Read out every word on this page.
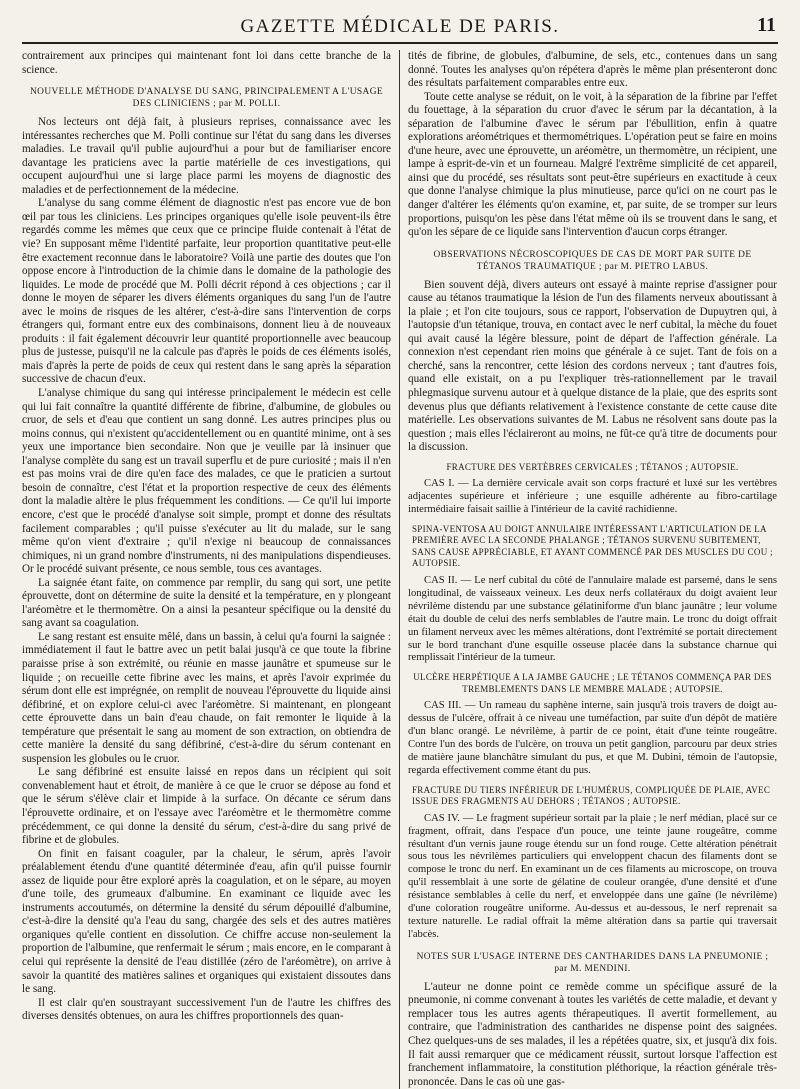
GAZETTE MÉDICALE DE PARIS.	11

contrairement aux principes qui maintenant font loi dans cette branche de la science.

NOUVELLE MÉTHODE D'ANALYSE DU SANG, PRINCIPALEMENT A L'USAGE DES CLINICIENS ; par M. POLLI.

Nos lecteurs ont déjà fait, à plusieurs reprises, connaissance avec les intéressantes recherches que M. Polli continue sur l'état du sang dans les diverses maladies. Le travail qu'il publie aujourd'hui a pour but de familiariser encore davantage les praticiens avec la partie matérielle de ces investigations, qui occupent aujourd'hui une si large place parmi les moyens de diagnostic des maladies et de perfectionnement de la médecine.

L'analyse du sang comme élément de diagnostic n'est pas encore vue de bon œil par tous les cliniciens. Les principes organiques qu'elle isole peuvent-ils être regardés comme les mêmes que ceux que ce principe fluide contenait à l'état de vie? En supposant même l'identité parfaite, leur proportion quantitative peut-elle être exactement reconnue dans le laboratoire? Voilà une partie des doutes que l'on oppose encore à l'introduction de la chimie dans le domaine de la pathologie des liquides. Le mode de procédé que M. Polli décrit répond à ces objections ; car il donne le moyen de séparer les divers éléments organiques du sang l'un de l'autre avec le moins de risques de les altérer, c'est-à-dire sans l'intervention de corps étrangers qui, formant entre eux des combinaisons, donnent lieu à de nouveaux produits : il fait également découvrir leur quantité proportionnelle avec beaucoup plus de justesse, puisqu'il ne la calcule pas d'après le poids de ces éléments isolés, mais d'après la perte de poids de ceux qui restent dans le sang après la séparation successive de chacun d'eux.

L'analyse chimique du sang qui intéresse principalement le médecin est celle qui lui fait connaître la quantité différente de fibrine, d'albumine, de globules ou cruor, de sels et d'eau que contient un sang donné. Les autres principes plus ou moins connus, qui n'existent qu'accidentellement ou en quantité minime, ont à ses yeux une importance bien secondaire. Non que je veuille par là insinuer que l'analyse complète du sang est un travail superflu et de pure curiosité ; mais il n'en est pas moins vrai de dire qu'en face des malades, ce que le praticien a surtout besoin de connaître, c'est l'état et la proportion respective de ceux des éléments dont la maladie altère le plus fréquemment les conditions. — Ce qu'il lui importe encore, c'est que le procédé d'analyse soit simple, prompt et donne des résultats facilement comparables ; qu'il puisse s'exécuter au lit du malade, sur le sang même qu'on vient d'extraire ; qu'il n'exige ni beaucoup de connaissances chimiques, ni un grand nombre d'instruments, ni des manipulations dispendieuses. Or le procédé suivant présente, ce nous semble, tous ces avantages.

La saignée étant faite, on commence par remplir, du sang qui sort, une petite éprouvette, dont on détermine de suite la densité et la température, en y plongeant l'aréomètre et le thermomètre. On a ainsi la pesanteur spécifique ou la densité du sang avant sa coagulation.

Le sang restant est ensuite mêlé, dans un bassin, à celui qu'a fourni la saignée : immédiatement il faut le battre avec un petit balai jusqu'à ce que toute la fibrine paraisse prise à son extrémité, ou réunie en masse jaunâtre et spumeuse sur le liquide ; on recueille cette fibrine avec les mains, et après l'avoir exprimée du sérum dont elle est imprégnée, on remplit de nouveau l'éprouvette du liquide ainsi défibriné, et on explore celui-ci avec l'aréomètre. Si maintenant, en plongeant cette éprouvette dans un bain d'eau chaude, on fait remonter le liquide à la température que présentait le sang au moment de son extraction, on obtiendra de cette manière la densité du sang défibriné, c'est-à-dire du sérum contenant en suspension les globules ou le cruor.

Le sang défibriné est ensuite laissé en repos dans un récipient qui soit convenablement haut et étroit, de manière à ce que le cruor se dépose au fond et que le sérum s'élève clair et limpide à la surface. On décante ce sérum dans l'éprouvette ordinaire, et on l'essaye avec l'aréomètre et le thermomètre comme précédemment, ce qui donne la densité du sérum, c'est-à-dire du sang privé de fibrine et de globules.

On finit en faisant coaguler, par la chaleur, le sérum, après l'avoir préalablement étendu d'une quantité déterminée d'eau, afin qu'il puisse fournir assez de liquide pour être exploré après la coagulation, et on le sépare, au moyen d'une toile, des grumeaux d'albumine. En examinant ce liquide avec les instruments accoutumés, on détermine la densité du sérum dépouillé d'albumine, c'est-à-dire la densité qu'a l'eau du sang, chargée des sels et des autres matières organiques qu'elle contient en dissolution. Ce chiffre accuse non-seulement la proportion de l'albumine, que renfermait le sérum ; mais encore, en le comparant à celui qui représente la densité de l'eau distillée (zéro de l'aréomètre), on arrive à savoir la quantité des matières salines et organiques qui existaient dissoutes dans le sang.

Il est clair qu'en soustrayant successivement l'un de l'autre les chiffres des diverses densités obtenues, on aura les chiffres proportionnels des quan-

tités de fibrine, de globules, d'albumine, de sels, etc., contenues dans un sang donné. Toutes les analyses qu'on répétera d'après le même plan présenteront donc des résultats parfaitement comparables entre eux.

Toute cette analyse se réduit, on le voit, à la séparation de la fibrine par l'effet du fouettage, à la séparation du cruor d'avec le sérum par la décantation, à la séparation de l'albumine d'avec le sérum par l'ébullition, enfin à quatre explorations aréométriques et thermométriques. L'opération peut se faire en moins d'une heure, avec une éprouvette, un aréomètre, un thermomètre, un récipient, une lampe à esprit-de-vin et un fourneau. Malgré l'extrême simplicité de cet appareil, ainsi que du procédé, ses résultats sont peut-être supérieurs en exactitude à ceux que donne l'analyse chimique la plus minutieuse, parce qu'ici on ne court pas le danger d'altérer les éléments qu'on examine, et, par suite, de se tromper sur leurs proportions, puisqu'on les pèse dans l'état même où ils se trouvent dans le sang, et qu'on les sépare de ce liquide sans l'intervention d'aucun corps étranger.

OBSERVATIONS NÉCROSCOPIQUES DE CAS DE MORT PAR SUITE DE TÉTANOS TRAUMATIQUE ; par M. PIETRO LABUS.

Bien souvent déjà, divers auteurs ont essayé à mainte reprise d'assigner pour cause au tétanos traumatique la lésion de l'un des filaments nerveux aboutissant à la plaie ; et l'on cite toujours, sous ce rapport, l'observation de Dupuytren qui, à l'autopsie d'un tétanique, trouva, en contact avec le nerf cubital, la mèche du fouet qui avait causé la légère blessure, point de départ de l'affection générale. La connexion n'est cependant rien moins que générale à ce sujet. Tant de fois on a cherché, sans la rencontrer, cette lésion des cordons nerveux ; tant d'autres fois, quand elle existait, on a pu l'expliquer très-rationnellement par le travail phlegmasique survenu autour et à quelque distance de la plaie, que des esprits sont devenus plus que défiants relativement à l'existence constante de cette cause dite matérielle. Les observations suivantes de M. Labus ne résolvent sans doute pas la question ; mais elles l'éclaireront au moins, ne fût-ce qu'à titre de documents pour la discussion.

FRACTURE DES VERTÈBRES CERVICALES ; TÉTANOS ; AUTOPSIE.

CAS I. — La dernière cervicale avait son corps fracturé et luxé sur les vertèbres adjacentes supérieure et inférieure ; une esquille adhérente au fibro-cartilage intermédiaire faisait saillie à l'intérieur de la cavité rachidienne.

SPINA-VENTOSA AU DOIGT ANNULAIRE INTÉRESSANT L'ARTICULATION DE LA PREMIÈRE AVEC LA SECONDE PHALANGE ; TÉTANOS SURVENU SUBITEMENT, SANS CAUSE APPRÉCIABLE, ET AYANT COMMENCÉ PAR DES MUSCLES DU COU ; AUTOPSIE.

CAS II. — Le nerf cubital du côté de l'annulaire malade est parsemé, dans le sens longitudinal, de vaisseaux veineux. Les deux nerfs collatéraux du doigt avaient leur névrilème distendu par une substance gélatiniforme d'un blanc jaunâtre ; leur volume était du double de celui des nerfs semblables de l'autre main. Le tronc du doigt offrait un filament nerveux avec les mêmes altérations, dont l'extrémité se portait directement sur le bord tranchant d'une esquille osseuse placée dans la substance charnue qui remplissait l'intérieur de la tumeur.

ULCÈRE HERPÉTIQUE A LA JAMBE GAUCHE ; LE TÉTANOS COMMENÇA PAR DES TREMBLEMENTS DANS LE MEMBRE MALADE ; AUTOPSIE.

CAS III. — Un rameau du saphène interne, sain jusqu'à trois travers de doigt au-dessus de l'ulcère, offrait à ce niveau une tuméfaction, par suite d'un dépôt de matière d'un blanc orangé. Le névrilème, à partir de ce point, était d'une teinte rougeâtre. Contre l'un des bords de l'ulcère, on trouva un petit ganglion, parcouru par deux stries de matière jaune blanchâtre simulant du pus, et que M. Dubini, témoin de l'autopsie, regarda effectivement comme étant du pus.

FRACTURE DU TIERS INFÉRIEUR DE L'HUMÉRUS, COMPLIQUÉE DE PLAIE, AVEC ISSUE DES FRAGMENTS AU DEHORS ; TÉTANOS ; AUTOPSIE.

CAS IV. — Le fragment supérieur sortait par la plaie ; le nerf médian, placé sur ce fragment, offrait, dans l'espace d'un pouce, une teinte jaune rougeâtre, comme résultant d'un vernis jaune rouge étendu sur un fond rouge. Cette altération pénétrait sous tous les névrilèmes particuliers qui enveloppent chacun des filaments dont se compose le tronc du nerf. En examinant un de ces filaments au microscope, on trouva qu'il ressemblait à une sorte de gélatine de couleur orangée, d'une densité et d'une résistance semblables à celle du nerf, et enveloppée dans une gaîne (le névrilème) d'une coloration rougeâtre uniforme. Au-dessus et au-dessous, le nerf reprenait sa texture naturelle. Le radial offrait la même altération dans sa partie qui traversait l'abcès.

NOTES SUR L'USAGE INTERNE DES CANTHARIDES DANS LA PNEUMONIE ; par M. MENDINI.

L'auteur ne donne point ce remède comme un spécifique assuré de la pneumonie, ni comme convenant à toutes les variétés de cette maladie, et devant y remplacer tous les autres agents thérapeutiques. Il avertit formellement, au contraire, que l'administration des cantharides ne dispense point des saignées. Chez quelques-uns de ses malades, il les a répétées quatre, six, et jusqu'à dix fois. Il fait aussi remarquer que ce médicament réussit, surtout lorsque l'affection est franchement inflammatoire, la constitution pléthorique, la réaction générale très-prononcée. Dans le cas où une gas-
